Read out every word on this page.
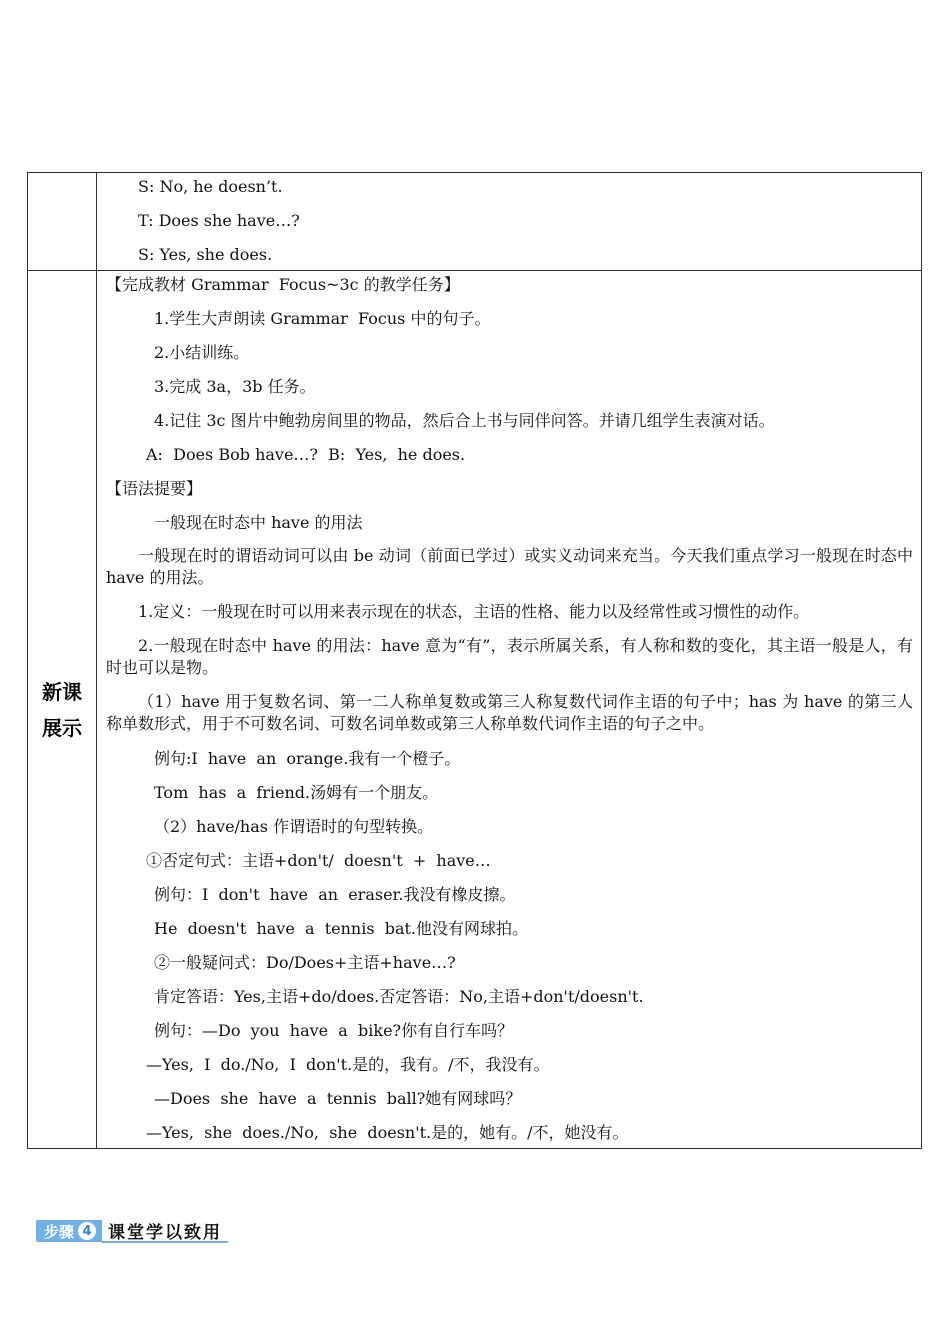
S: No, he doesn’t.
T: Does she have…?
S: Yes, she does.
新课
展示
【完成教材 Grammar  Focus~3c 的教学任务】
1.学生大声朗读 Grammar  Focus 中的句子。
2.小结训练。
3.完成 3a，3b 任务。
4.记住 3c 图片中鲍勃房间里的物品，然后合上书与同伴问答。并请几组学生表演对话。
A:  Does Bob have…?  B:  Yes,  he does.
【语法提要】
一般现在时态中 have 的用法
一般现在时的谓语动词可以由 be 动词（前面已学过）或实义动词来充当。今天我们重点学习一般现在时态中 have 的用法。
1.定义：一般现在时可以用来表示现在的状态，主语的性格、能力以及经常性或习惯性的动作。
2.一般现在时态中 have 的用法：have 意为“有”，表示所属关系，有人称和数的变化，其主语一般是人，有时也可以是物。
（1）have 用于复数名词、第一二人称单复数或第三人称复数代词作主语的句子中；has 为 have 的第三人称单数形式，用于不可数名词、可数名词单数或第三人称单数代词作主语的句子之中。
例句:I  have  an  orange.我有一个橙子。
Tom  has  a  friend.汤姆有一个朋友。
（2）have/has 作谓语时的句型转换。
①否定句式：主语+don't/  doesn't  +  have…
例句：I  don't  have  an  eraser.我没有橡皮擦。
He  doesn't  have  a  tennis  bat.他没有网球拍。
②一般疑问式：Do/Does+主语+have…?
肯定答语：Yes,主语+do/does.否定答语：No,主语+don't/doesn't.
例句：—Do  you  have  a  bike?你有自行车吗？
—Yes,  I  do./No,  I  don't.是的，我有。/不，我没有。
—Does  she  have  a  tennis  ball?她有网球吗？
—Yes,  she  does./No,  she  doesn't.是的，她有。/不，她没有。
步骤 4 课堂学以致用
